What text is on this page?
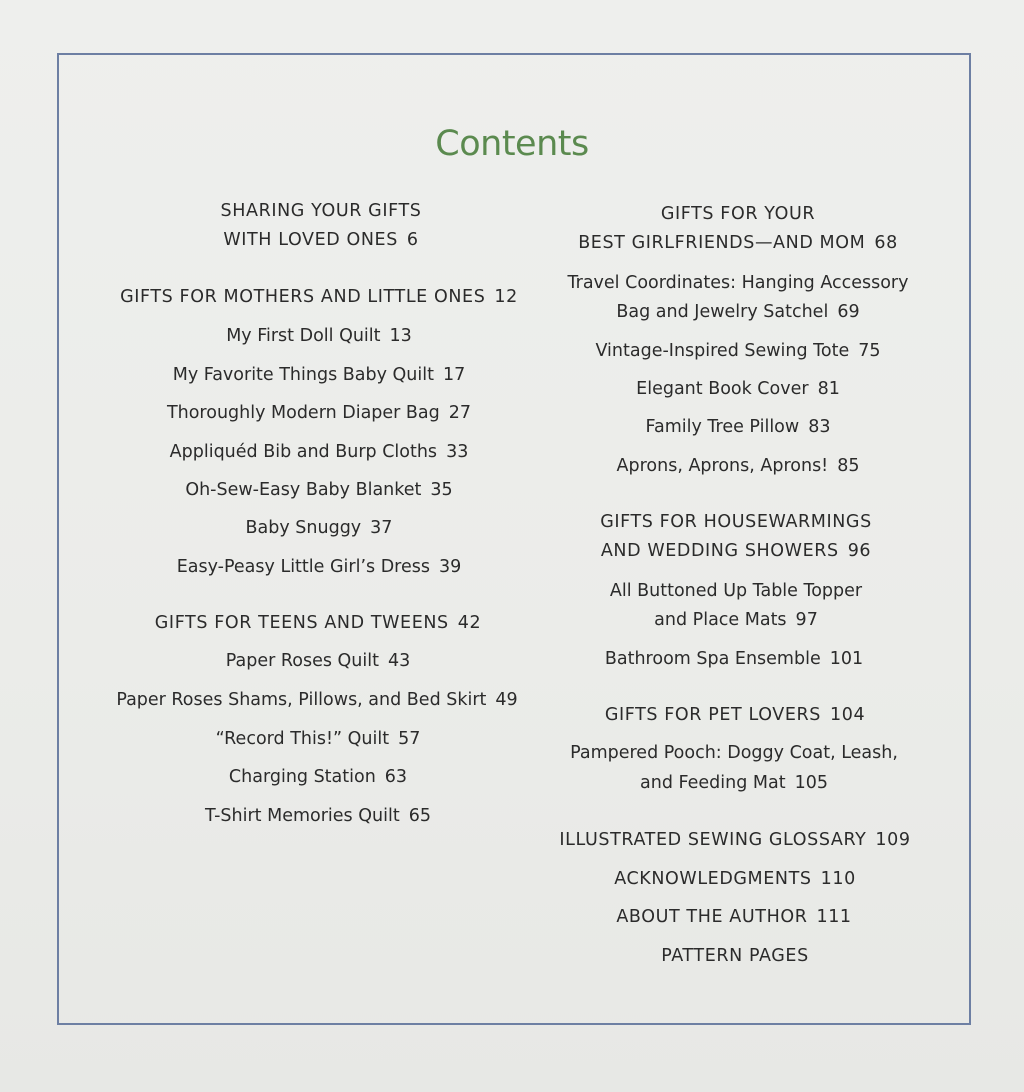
Contents
SHARING YOUR GIFTS
WITH LOVED ONES 6
GIFTS FOR MOTHERS AND LITTLE ONES 12
My First Doll Quilt 13
My Favorite Things Baby Quilt 17
Thoroughly Modern Diaper Bag 27
Appliquéd Bib and Burp Cloths 33
Oh-Sew-Easy Baby Blanket 35
Baby Snuggy 37
Easy-Peasy Little Girl’s Dress 39
GIFTS FOR TEENS AND TWEENS 42
Paper Roses Quilt 43
Paper Roses Shams, Pillows, and Bed Skirt 49
“Record This!” Quilt 57
Charging Station 63
T-Shirt Memories Quilt 65
GIFTS FOR YOUR
BEST GIRLFRIENDS—AND MOM 68
Travel Coordinates: Hanging Accessory
Bag and Jewelry Satchel 69
Vintage-Inspired Sewing Tote 75
Elegant Book Cover 81
Family Tree Pillow 83
Aprons, Aprons, Aprons! 85
GIFTS FOR HOUSEWARMINGS
AND WEDDING SHOWERS 96
All Buttoned Up Table Topper
and Place Mats 97
Bathroom Spa Ensemble 101
GIFTS FOR PET LOVERS 104
Pampered Pooch: Doggy Coat, Leash,
and Feeding Mat 105
ILLUSTRATED SEWING GLOSSARY 109
ACKNOWLEDGMENTS 110
ABOUT THE AUTHOR 111
PATTERN PAGES
